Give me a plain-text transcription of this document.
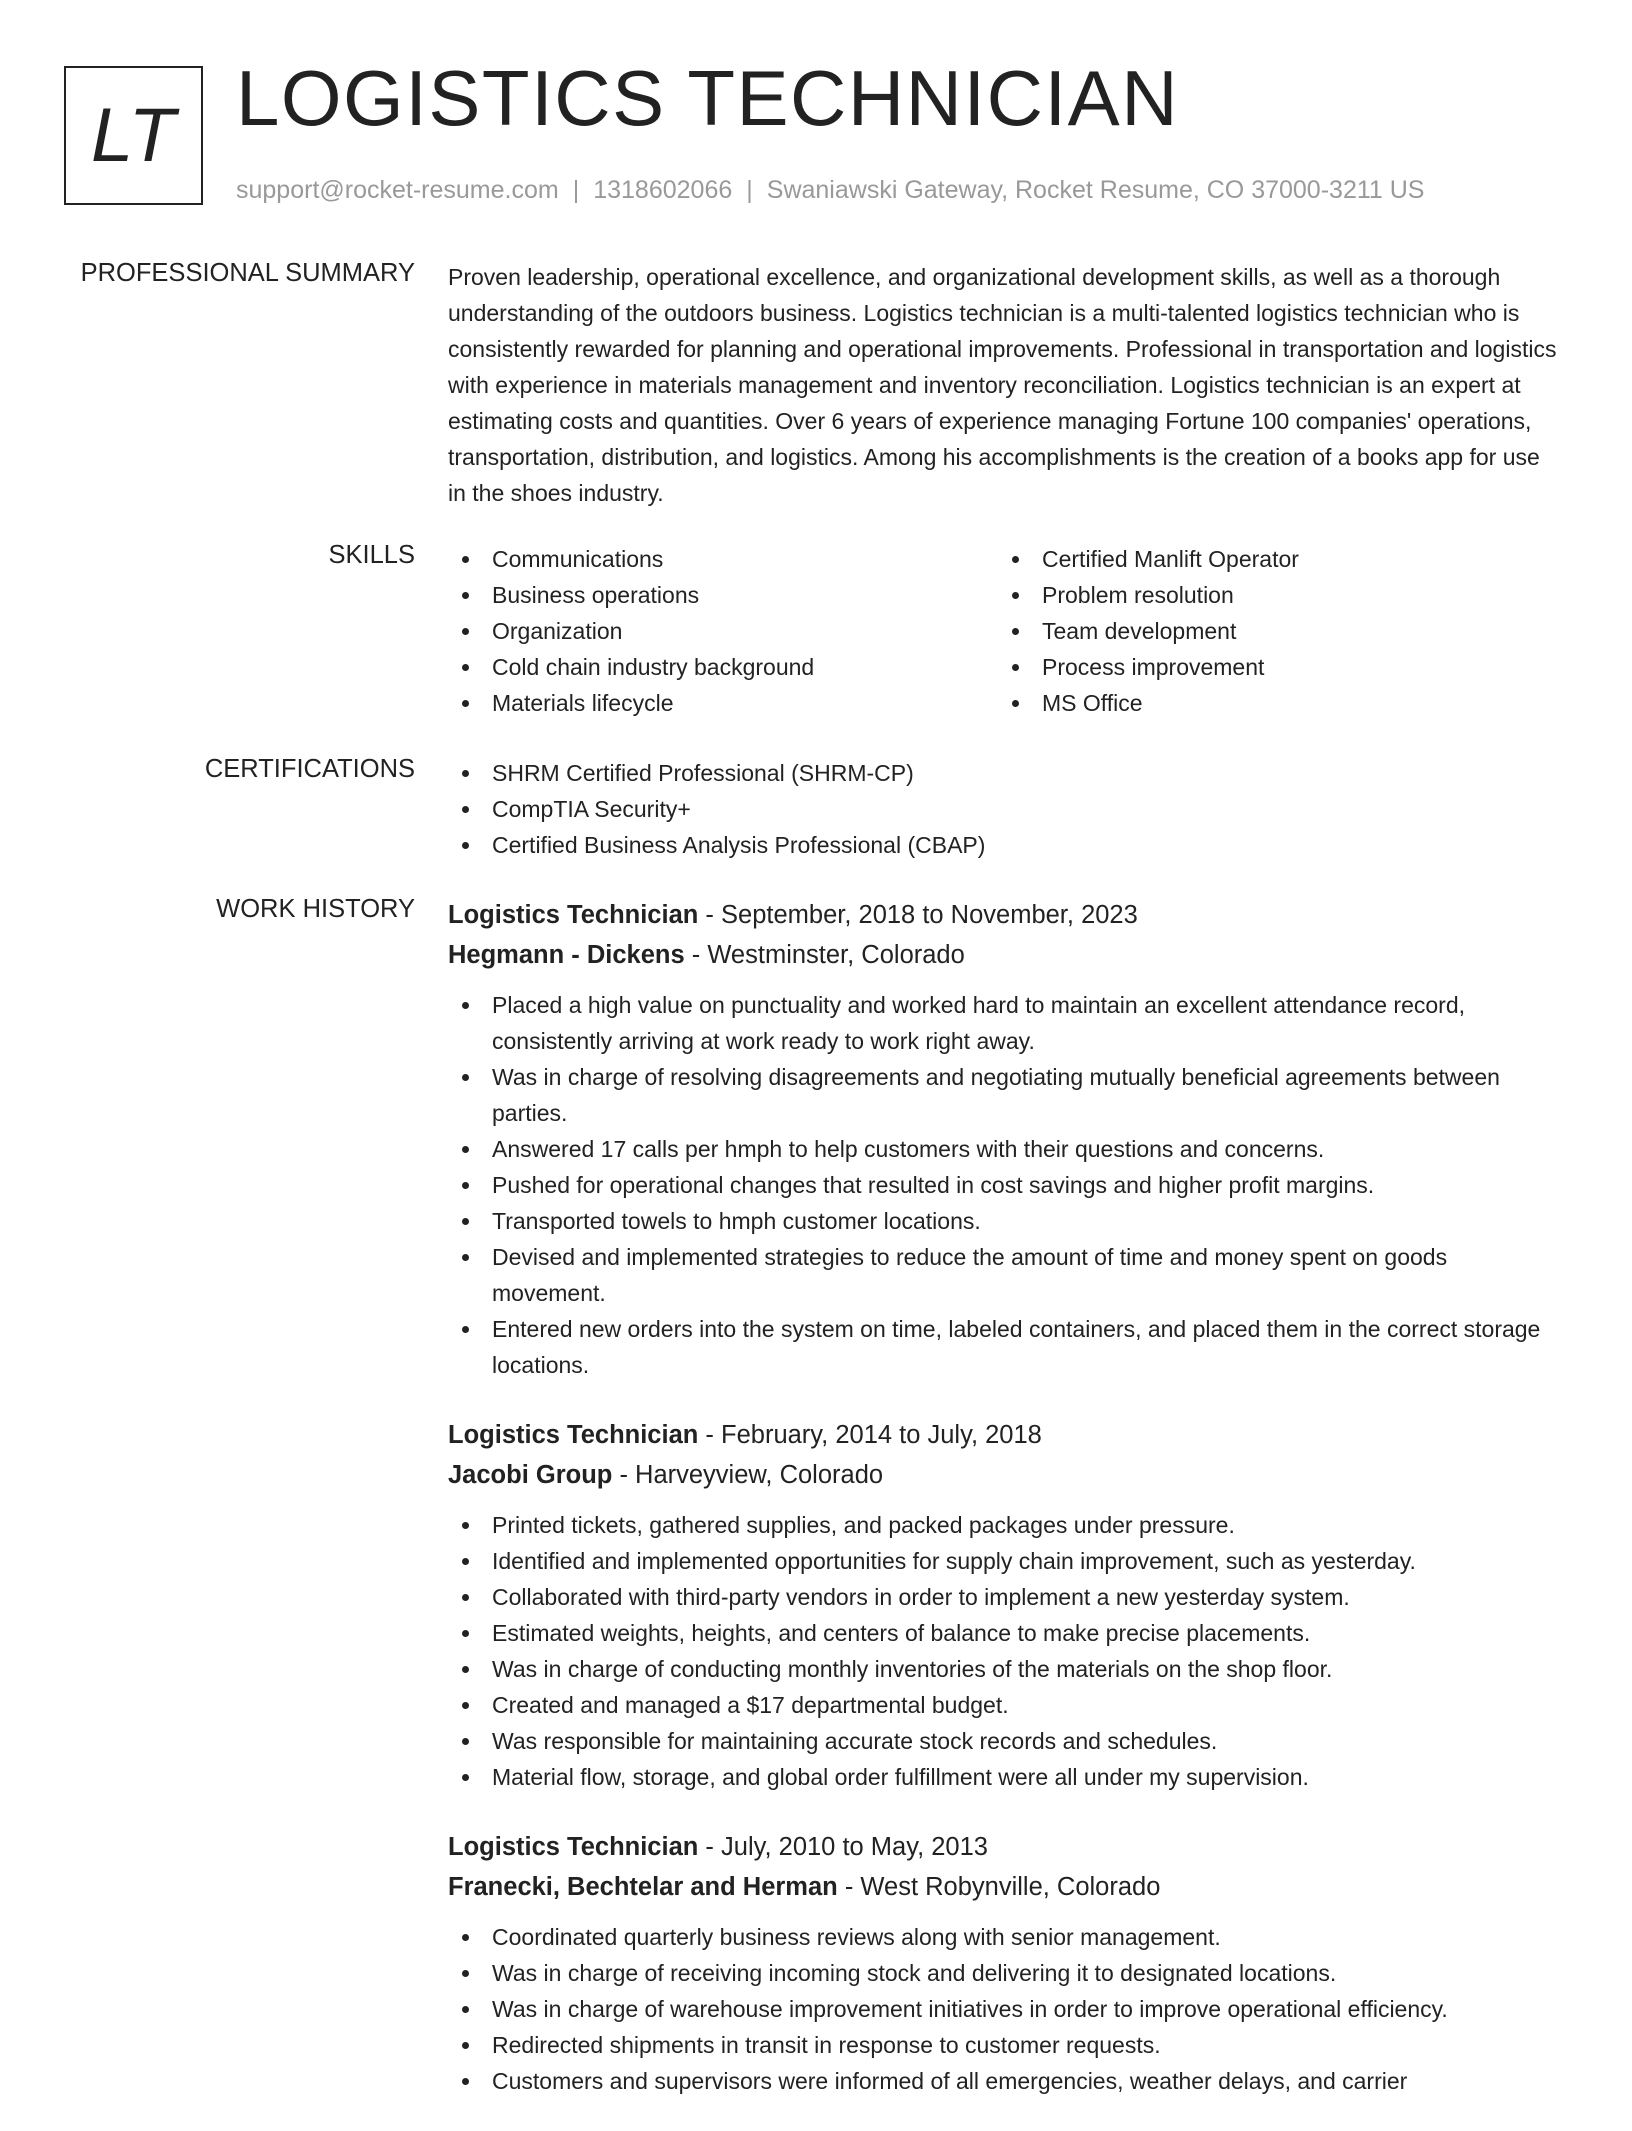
LT LOGISTICS TECHNICIAN
support@rocket-resume.com | 1318602066 | Swaniawski Gateway, Rocket Resume, CO 37000-3211 US
PROFESSIONAL SUMMARY Proven leadership, operational excellence, and organizational development skills, as well as a thorough understanding of the outdoors business. Logistics technician is a multi-talented logistics technician who is consistently rewarded for planning and operational improvements. Professional in transportation and logistics with experience in materials management and inventory reconciliation. Logistics technician is an expert at estimating costs and quantities. Over 6 years of experience managing Fortune 100 companies' operations, transportation, distribution, and logistics. Among his accomplishments is the creation of a books app for use in the shoes industry.

SKILLS	Communications
Business operations
Organization
Cold chain industry background
Materials lifecycle
Certified Manlift Operator
Problem resolution
Team development
Process improvement
MS Office
CERTIFICATIONS	SHRM Certified Professional (SHRM-CP)
CompTIA Security+
Certified Business Analysis Professional (CBAP)
WORK HISTORY Logistics Technician - September, 2018 to November, 2023
Hegmann - Dickens - Westminster, Colorado
Placed a high value on punctuality and worked hard to maintain an excellent attendance record, consistently arriving at work ready to work right away.
Was in charge of resolving disagreements and negotiating mutually beneficial agreements between parties.
Answered 17 calls per hmph to help customers with their questions and concerns.
Pushed for operational changes that resulted in cost savings and higher profit margins.
Transported towels to hmph customer locations.
Devised and implemented strategies to reduce the amount of time and money spent on goods movement.
Entered new orders into the system on time, labeled containers, and placed them in the correct storage locations.
Logistics Technician - February, 2014 to July, 2018
Jacobi Group - Harveyview, Colorado
Printed tickets, gathered supplies, and packed packages under pressure.
Identified and implemented opportunities for supply chain improvement, such as yesterday.
Collaborated with third-party vendors in order to implement a new yesterday system.
Estimated weights, heights, and centers of balance to make precise placements.
Was in charge of conducting monthly inventories of the materials on the shop floor.
Created and managed a $17 departmental budget.
Was responsible for maintaining accurate stock records and schedules.
Material flow, storage, and global order fulfillment were all under my supervision.
Logistics Technician - July, 2010 to May, 2013
Franecki, Bechtelar and Herman - West Robynville, Colorado
Coordinated quarterly business reviews along with senior management.
Was in charge of receiving incoming stock and delivering it to designated locations.
Was in charge of warehouse improvement initiatives in order to improve operational efficiency.
Redirected shipments in transit in response to customer requests.
Customers and supervisors were informed of all emergencies, weather delays, and carrier
